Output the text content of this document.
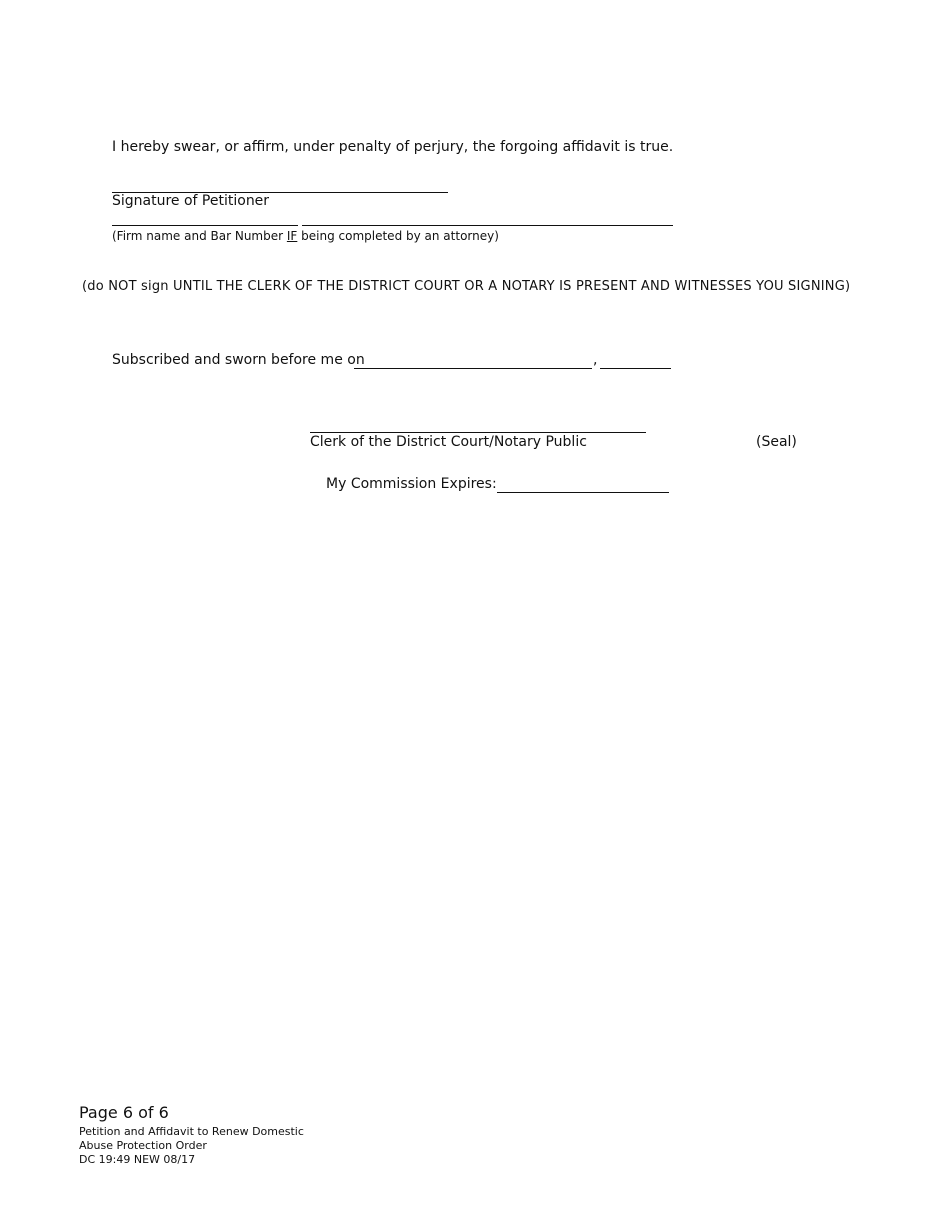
I hereby swear, or affirm, under penalty of perjury, the forgoing affidavit is true.
Signature of Petitioner
(Firm name and Bar Number IF being completed by an attorney)
(do NOT sign UNTIL THE CLERK OF THE DISTRICT COURT OR A NOTARY IS PRESENT AND WITNESSES YOU SIGNING)
Subscribed and sworn before me on	,
Clerk of the District Court/Notary Public	(Seal)
My Commission Expires:
Page 6 of 6
Petition and Affidavit to Renew Domestic
Abuse Protection Order
DC 19:49 NEW 08/17
